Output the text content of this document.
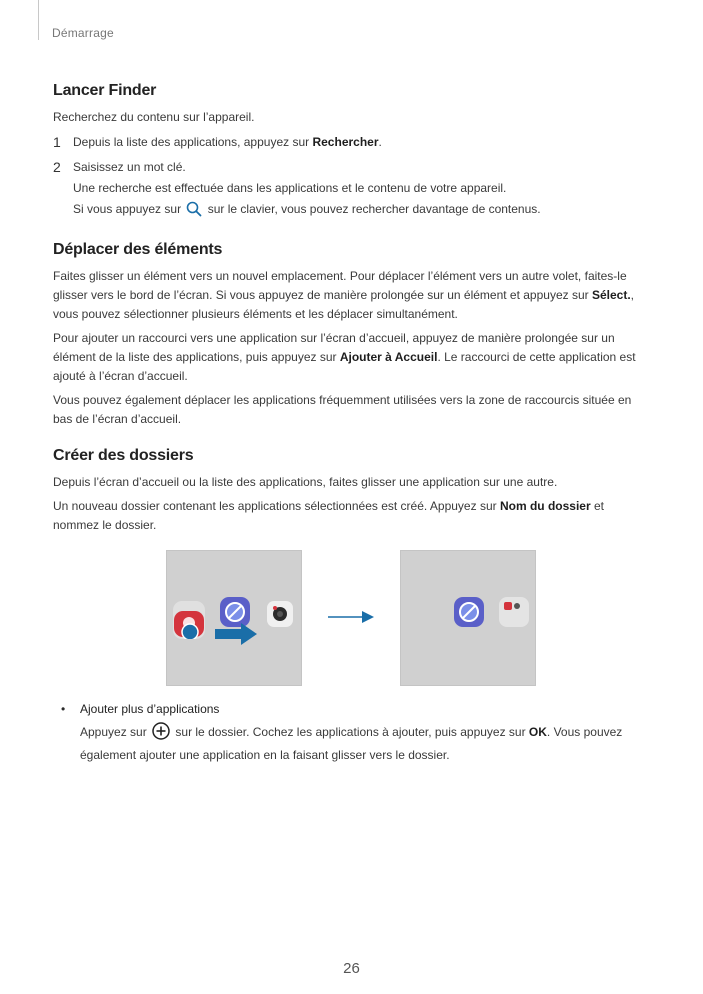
Démarrage
Lancer Finder

Recherchez du contenu sur l’appareil.

1 Depuis la liste des applications, appuyez sur Rechercher.

2 Saisissez un mot clé.

Une recherche est effectuée dans les applications et le contenu de votre appareil.

Si vous appuyez sur sur le clavier, vous pouvez rechercher davantage de contenus.

Déplacer des éléments

Faites glisser un élément vers un nouvel emplacement. Pour déplacer l’élément vers un autre volet, faites-le glisser vers le bord de l’écran. Si vous appuyez de manière prolongée sur un élément et appuyez sur Sélect., vous pouvez sélectionner plusieurs éléments et les déplacer simultanément.

Pour ajouter un raccourci vers une application sur l’écran d’accueil, appuyez de manière prolongée sur un élément de la liste des applications, puis appuyez sur Ajouter à Accueil. Le raccourci de cette application est ajouté à l’écran d’accueil.

Vous pouvez également déplacer les applications fréquemment utilisées vers la zone de raccourcis située en bas de l’écran d’accueil.

Créer des dossiers

Depuis l’écran d’accueil ou la liste des applications, faites glisser une application sur une autre.

Un nouveau dossier contenant les applications sélectionnées est créé. Appuyez sur Nom du dossier et nommez le dossier.

• Ajouter plus d’applications

Appuyez sur sur le dossier. Cochez les applications à ajouter, puis appuyez sur OK. Vous pouvez également ajouter une application en la faisant glisser vers le dossier.

26
